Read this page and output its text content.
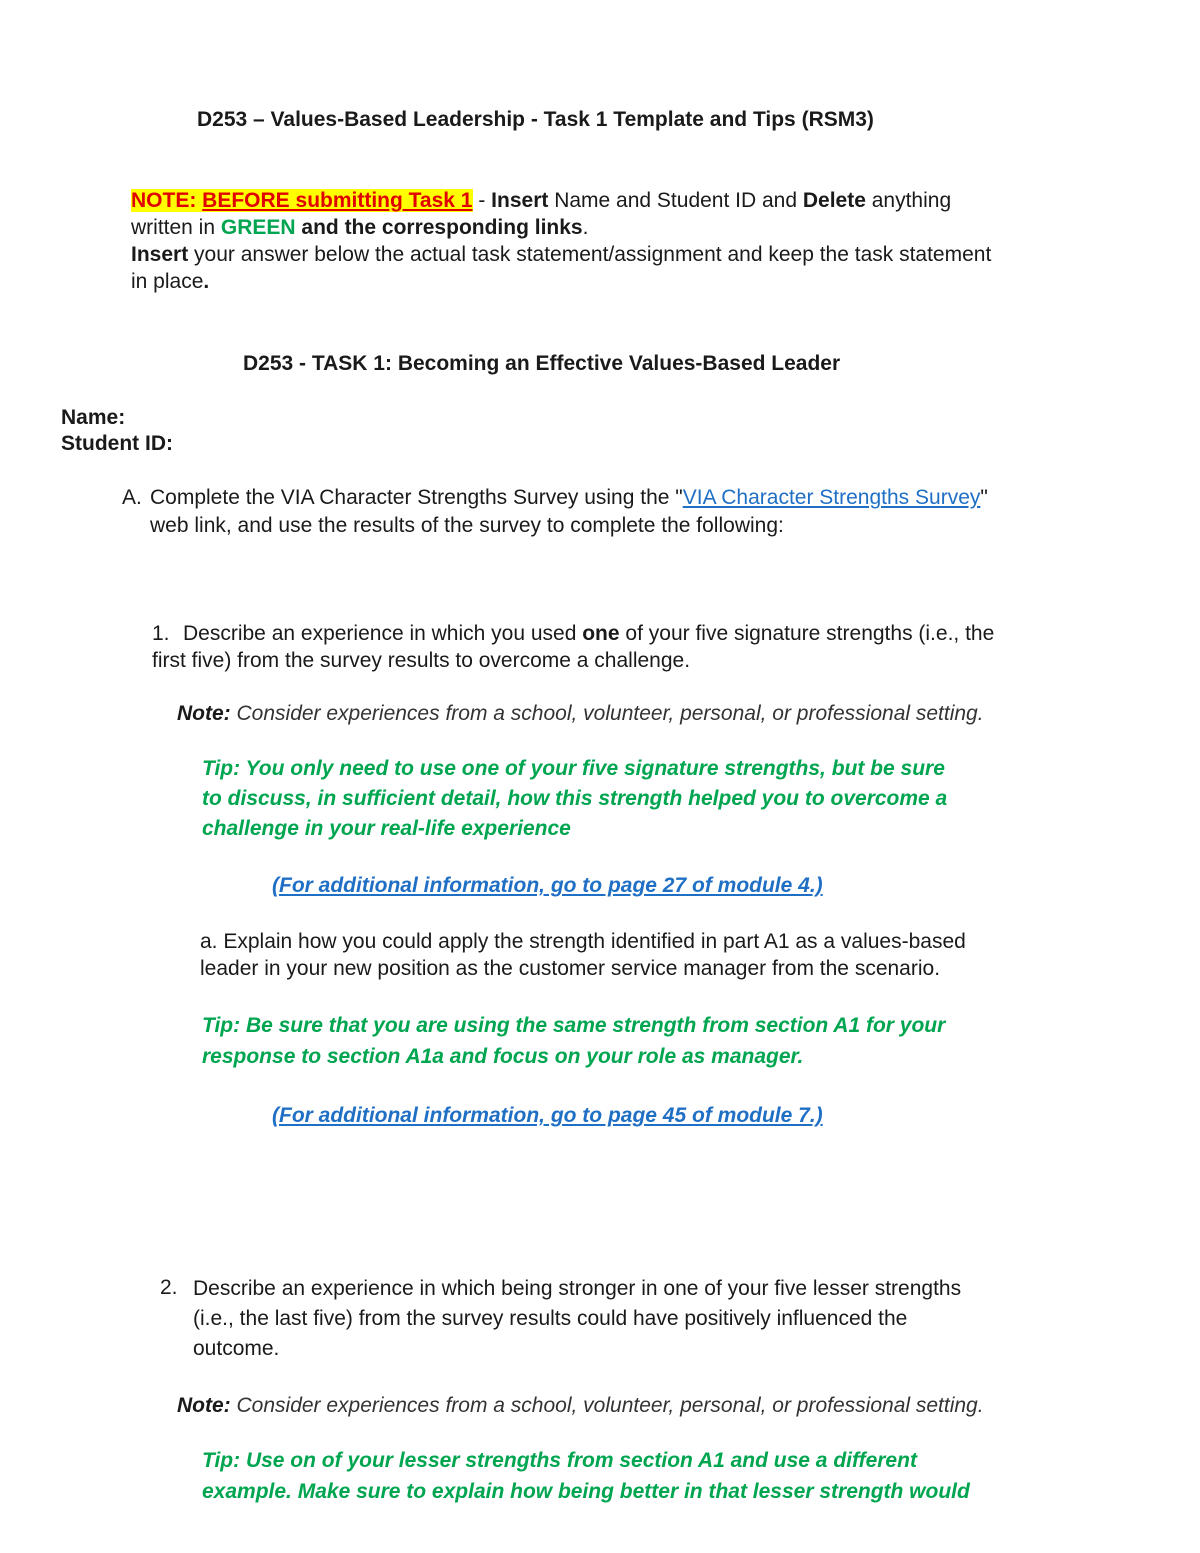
D253 – Values-Based Leadership - Task 1 Template and Tips (RSM3)
NOTE: BEFORE submitting Task 1 - Insert Name and Student ID and Delete anything
written in GREEN and the corresponding links.
Insert your answer below the actual task statement/assignment and keep the task statement
in place.
D253 - TASK 1: Becoming an Effective Values-Based Leader
Name:
Student ID:
A. Complete the VIA Character Strengths Survey using the "VIA Character Strengths Survey"
web link, and use the results of the survey to complete the following:
1. Describe an experience in which you used one of your five signature strengths (i.e., the
first five) from the survey results to overcome a challenge.
Note: Consider experiences from a school, volunteer, personal, or professional setting.
Tip: You only need to use one of your five signature strengths, but be sure
to discuss, in sufficient detail, how this strength helped you to overcome a
challenge in your real-life experience
(For additional information, go to page 27 of module 4.)
a. Explain how you could apply the strength identified in part A1 as a values-based
leader in your new position as the customer service manager from the scenario.
Tip: Be sure that you are using the same strength from section A1 for your
response to section A1a and focus on your role as manager.
(For additional information, go to page 45 of module 7.)
2. Describe an experience in which being stronger in one of your five lesser strengths
(i.e., the last five) from the survey results could have positively influenced the
outcome.
Note: Consider experiences from a school, volunteer, personal, or professional setting.
Tip: Use on of your lesser strengths from section A1 and use a different
example. Make sure to explain how being better in that lesser strength would
